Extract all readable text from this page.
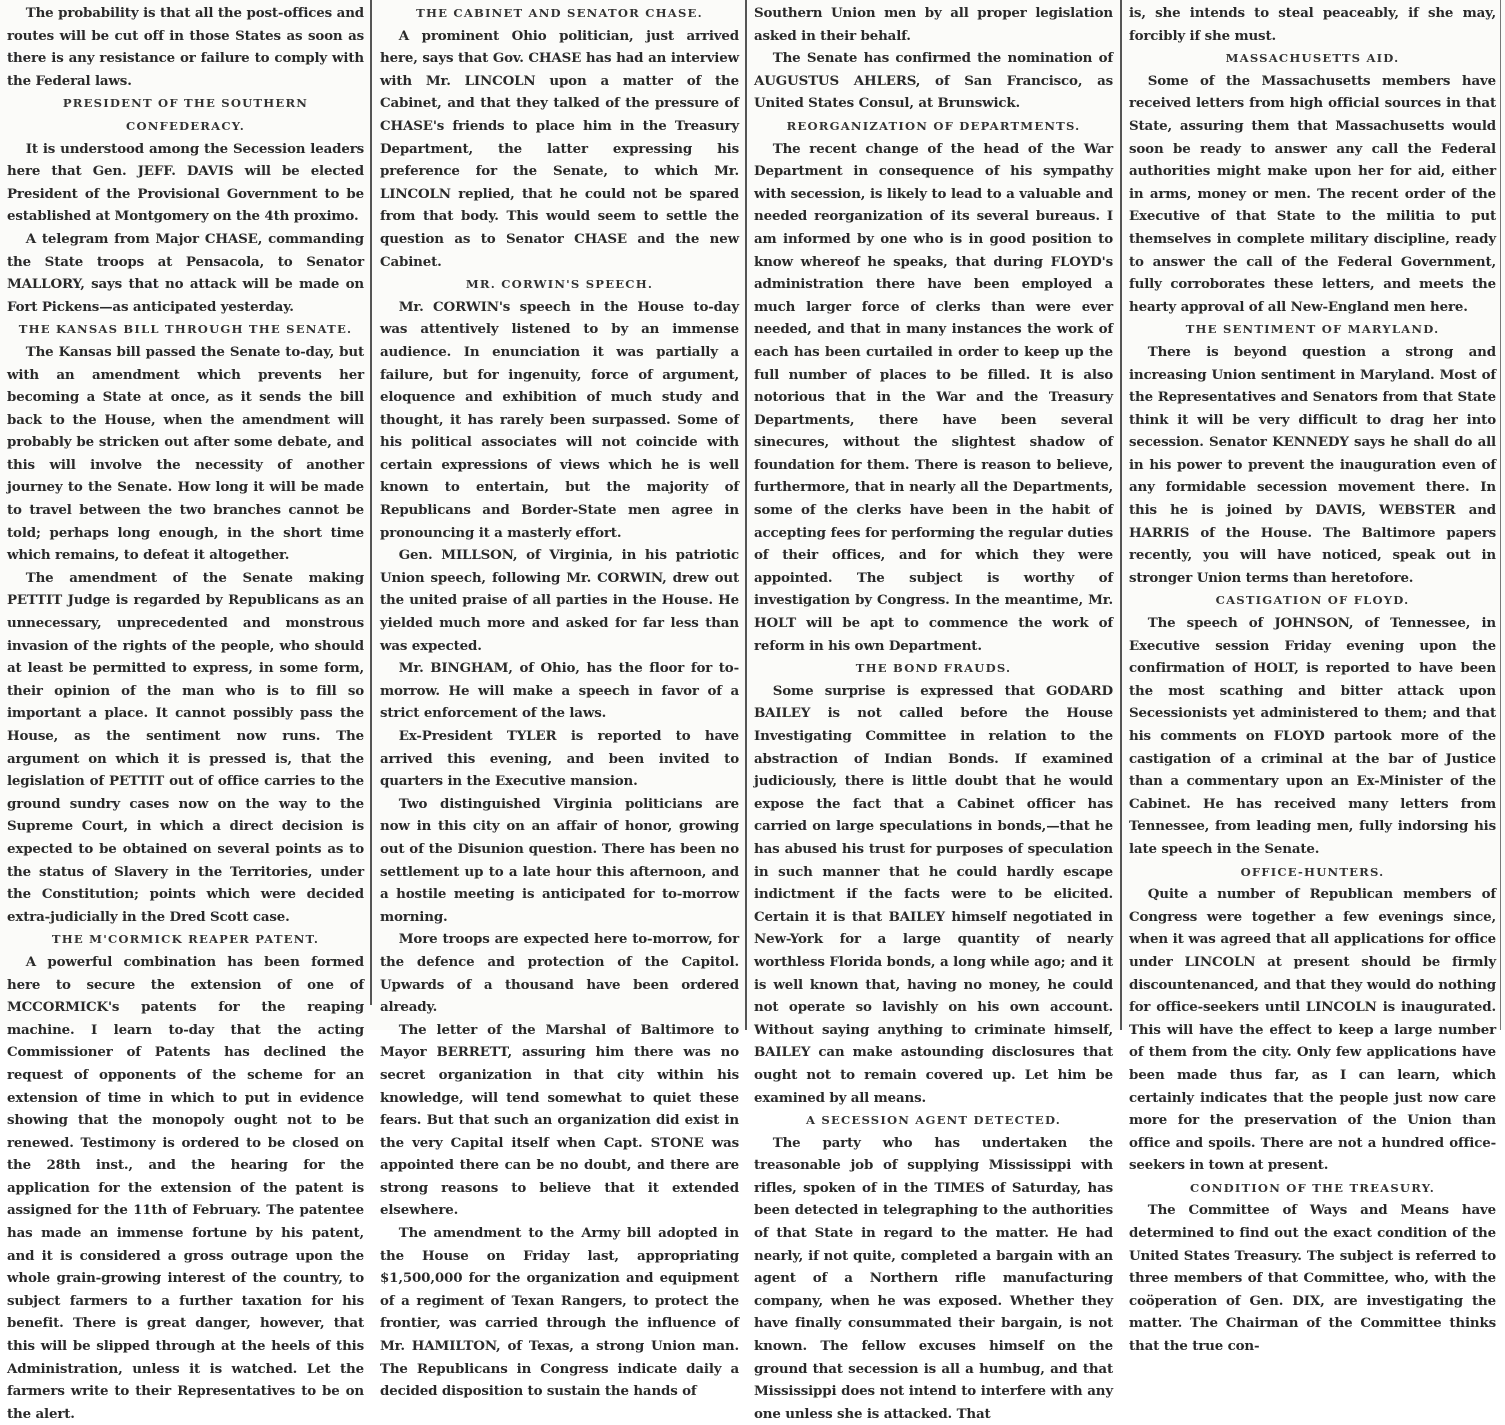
The probability is that all the post-offices and routes will be cut off in those States as soon as there is any resistance or failure to comply with the Federal laws.

PRESIDENT OF THE SOUTHERN CONFEDERACY.

It is understood among the Secession leaders here that Gen. JEFF. DAVIS will be elected President of the Provisional Government to be established at Montgomery on the 4th proximo.

A telegram from Major CHASE, commanding the State troops at Pensacola, to Senator MALLORY, says that no attack will be made on Fort Pickens—as anticipated yesterday.

THE KANSAS BILL THROUGH THE SENATE.

The Kansas bill passed the Senate to-day, but with an amendment which prevents her becoming a State at once, as it sends the bill back to the House, when the amendment will probably be stricken out after some debate, and this will involve the necessity of another journey to the Senate. How long it will be made to travel between the two branches cannot be told; perhaps long enough, in the short time which remains, to defeat it altogether.

The amendment of the Senate making PETTIT Judge is regarded by Republicans as an unnecessary, unprecedented and monstrous invasion of the rights of the people, who should at least be permitted to express, in some form, their opinion of the man who is to fill so important a place. It cannot possibly pass the House, as the sentiment now runs. The argument on which it is pressed is, that the legislation of PETTIT out of office carries to the ground sundry cases now on the way to the Supreme Court, in which a direct decision is expected to be obtained on several points as to the status of Slavery in the Territories, under the Constitution; points which were decided extra-judicially in the Dred Scott case.

THE M'CORMICK REAPER PATENT.

A powerful combination has been formed here to secure the extension of one of MCCORMICK's patents for the reaping machine. I learn to-day that the acting Commissioner of Patents has declined the request of opponents of the scheme for an extension of time in which to put in evidence showing that the monopoly ought not to be renewed. Testimony is ordered to be closed on the 28th inst., and the hearing for the application for the extension of the patent is assigned for the 11th of February. The patentee has made an immense fortune by his patent, and it is considered a gross outrage upon the whole grain-growing interest of the country, to subject farmers to a further taxation for his benefit. There is great danger, however, that this will be slipped through at the heels of this Administration, unless it is watched. Let the farmers write to their Representatives to be on the alert.

THE CABINET AND SENATOR CHASE.

A prominent Ohio politician, just arrived here, says that Gov. CHASE has had an interview with Mr. LINCOLN upon a matter of the Cabinet, and that they talked of the pressure of CHASE's friends to place him in the Treasury Department, the latter expressing his preference for the Senate, to which Mr. LINCOLN replied, that he could not be spared from that body. This would seem to settle the question as to Senator CHASE and the new Cabinet.

MR. CORWIN'S SPEECH.

Mr. CORWIN's speech in the House to-day was attentively listened to by an immense audience. In enunciation it was partially a failure, but for ingenuity, force of argument, eloquence and exhibition of much study and thought, it has rarely been surpassed. Some of his political associates will not coincide with certain expressions of views which he is well known to entertain, but the majority of Republicans and Border-State men agree in pronouncing it a masterly effort.

Gen. MILLSON, of Virginia, in his patriotic Union speech, following Mr. CORWIN, drew out the united praise of all parties in the House. He yielded much more and asked for far less than was expected.

Mr. BINGHAM, of Ohio, has the floor for to-morrow. He will make a speech in favor of a strict enforcement of the laws.

Ex-President TYLER is reported to have arrived this evening, and been invited to quarters in the Executive mansion.

Two distinguished Virginia politicians are now in this city on an affair of honor, growing out of the Disunion question. There has been no settlement up to a late hour this afternoon, and a hostile meeting is anticipated for to-morrow morning.

More troops are expected here to-morrow, for the defence and protection of the Capitol. Upwards of a thousand have been ordered already.

The letter of the Marshal of Baltimore to Mayor BERRETT, assuring him there was no secret organization in that city within his knowledge, will tend somewhat to quiet these fears. But that such an organization did exist in the very Capital itself when Capt. STONE was appointed there can be no doubt, and there are strong reasons to believe that it extended elsewhere.

The amendment to the Army bill adopted in the House on Friday last, appropriating $1,500,000 for the organization and equipment of a regiment of Texan Rangers, to protect the frontier, was carried through the influence of Mr. HAMILTON, of Texas, a strong Union man. The Republicans in Congress indicate daily a decided disposition to sustain the hands of

Southern Union men by all proper legislation asked in their behalf.

The Senate has confirmed the nomination of AUGUSTUS AHLERS, of San Francisco, as United States Consul, at Brunswick.

REORGANIZATION OF DEPARTMENTS.

The recent change of the head of the War Department in consequence of his sympathy with secession, is likely to lead to a valuable and needed reorganization of its several bureaus. I am informed by one who is in good position to know whereof he speaks, that during FLOYD's administration there have been employed a much larger force of clerks than were ever needed, and that in many instances the work of each has been curtailed in order to keep up the full number of places to be filled. It is also notorious that in the War and the Treasury Departments, there have been several sinecures, without the slightest shadow of foundation for them. There is reason to believe, furthermore, that in nearly all the Departments, some of the clerks have been in the habit of accepting fees for performing the regular duties of their offices, and for which they were appointed. The subject is worthy of investigation by Congress. In the meantime, Mr. HOLT will be apt to commence the work of reform in his own Department.

THE BOND FRAUDS.

Some surprise is expressed that GODARD BAILEY is not called before the House Investigating Committee in relation to the abstraction of Indian Bonds. If examined judiciously, there is little doubt that he would expose the fact that a Cabinet officer has carried on large speculations in bonds,—that he has abused his trust for purposes of speculation in such manner that he could hardly escape indictment if the facts were to be elicited. Certain it is that BAILEY himself negotiated in New-York for a large quantity of nearly worthless Florida bonds, a long while ago; and it is well known that, having no money, he could not operate so lavishly on his own account. Without saying anything to criminate himself, BAILEY can make astounding disclosures that ought not to remain covered up. Let him be examined by all means.

A SECESSION AGENT DETECTED.

The party who has undertaken the treasonable job of supplying Mississippi with rifles, spoken of in the TIMES of Saturday, has been detected in telegraphing to the authorities of that State in regard to the matter. He had nearly, if not quite, completed a bargain with an agent of a Northern rifle manufacturing company, when he was exposed. Whether they have finally consummated their bargain, is not known. The fellow excuses himself on the ground that secession is all a humbug, and that Mississippi does not intend to interfere with any one unless she is attacked. That

is, she intends to steal peaceably, if she may, forcibly if she must.

MASSACHUSETTS AID.

Some of the Massachusetts members have received letters from high official sources in that State, assuring them that Massachusetts would soon be ready to answer any call the Federal authorities might make upon her for aid, either in arms, money or men. The recent order of the Executive of that State to the militia to put themselves in complete military discipline, ready to answer the call of the Federal Government, fully corroborates these letters, and meets the hearty approval of all New-England men here.

THE SENTIMENT OF MARYLAND.

There is beyond question a strong and increasing Union sentiment in Maryland. Most of the Representatives and Senators from that State think it will be very difficult to drag her into secession. Senator KENNEDY says he shall do all in his power to prevent the inauguration even of any formidable secession movement there. In this he is joined by DAVIS, WEBSTER and HARRIS of the House. The Baltimore papers recently, you will have noticed, speak out in stronger Union terms than heretofore.

CASTIGATION OF FLOYD.

The speech of JOHNSON, of Tennessee, in Executive session Friday evening upon the confirmation of HOLT, is reported to have been the most scathing and bitter attack upon Secessionists yet administered to them; and that his comments on FLOYD partook more of the castigation of a criminal at the bar of Justice than a commentary upon an Ex-Minister of the Cabinet. He has received many letters from Tennessee, from leading men, fully indorsing his late speech in the Senate.

OFFICE-HUNTERS.

Quite a number of Republican members of Congress were together a few evenings since, when it was agreed that all applications for office under LINCOLN at present should be firmly discountenanced, and that they would do nothing for office-seekers until LINCOLN is inaugurated. This will have the effect to keep a large number of them from the city. Only few applications have been made thus far, as I can learn, which certainly indicates that the people just now care more for the preservation of the Union than office and spoils. There are not a hundred office-seekers in town at present.

CONDITION OF THE TREASURY.

The Committee of Ways and Means have determined to find out the exact condition of the United States Treasury. The subject is referred to three members of that Committee, who, with the coöperation of Gen. DIX, are investigating the matter. The Chairman of the Committee thinks that the true con-
